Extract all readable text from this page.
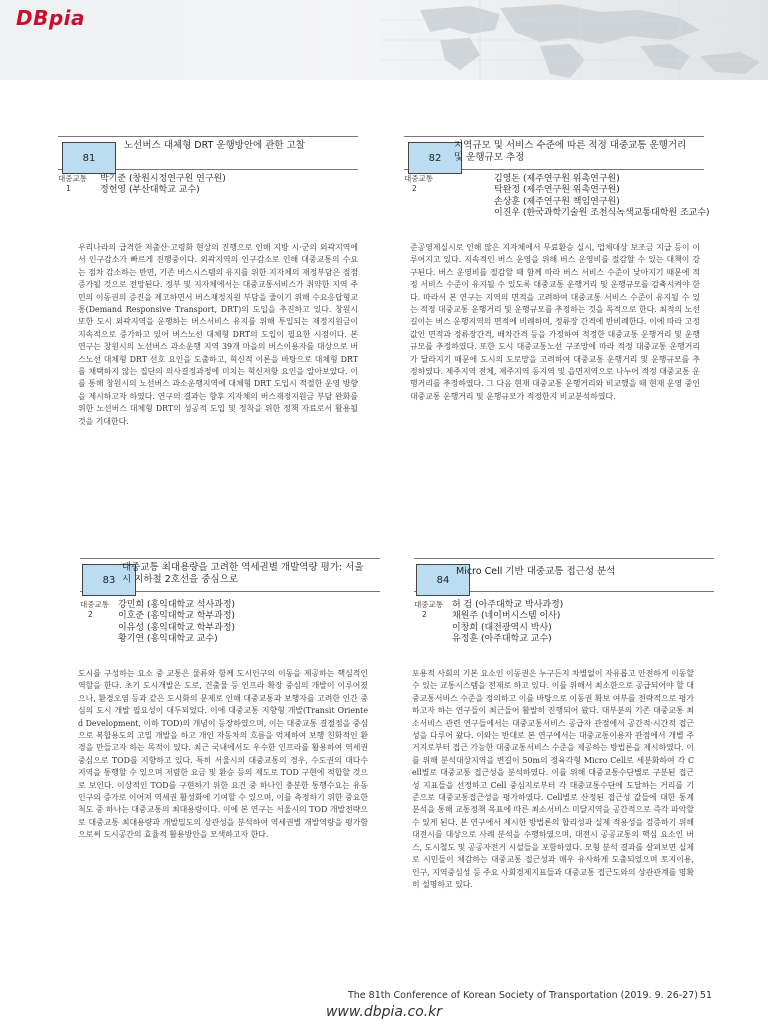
DBpia
81
노선버스 대체형 DRT 운행방안에 관한 고찰
대중교통
1
박기준 (창원시정연구원 연구원)
정헌영 (부산대학교 교수)
우리나라의 급격한 저출산·고령화 현상의 진행으로 인해 지방 시·군의 외곽지역에서 인구감소가 빠르게 진행중이다. 외곽지역의 인구감소로 인해 대중교통의 수요는 점차 감소하는 반면, 기존 버스시스템의 유지를 위한 지자체의 재정부담은 점점 증가될 것으로 전망된다. 정부 및 지자체에서는 대중교통서비스가 취약한 지역 주민의 이동권의 증진을 제고하면서 버스재정지원 부담을 줄이기 위해 수요응답형교통(Demand Responsive Transport, DRT)의 도입을 추진하고 있다. 창원시 또한 도시 외곽지역을 운행하는 버스서비스 유지를 위해 투입되는 재정지원금이 지속적으로 증가하고 있어 버스노선 대체형 DRT의 도입이 필요한 시점이다. 본 연구는 창원시의 노선버스 과소운행 지역 39개 마을의 버스이용자를 대상으로 버스노선 대체형 DRT 선호 요인을 도출하고, 혁신적 이론을 바탕으로 대체형 DRT를 채택하지 않는 집단의 의사결정과정에 미치는 혁신저항 요인을 알아보았다. 이를 통해 창원시의 노선버스 과소운행지역에 대체형 DRT 도입시 적절한 운영 방향을 제시하고자 하였다. 연구의 결과는 향후 지자체의 버스재정지원금 부담 완화를 위한 노선버스 대체형 DRT의 성공적 도입 및 정착을 위한 정책 자료로서 활용될 것을 기대한다.
82
지역규모 및 서비스 수준에 따른 적정 대중교통 운행거리 및 운행규모 추정
대중교통
2
김영돈 (제주연구원 위촉연구원)
탁완정 (제주연구원 위촉연구원)
손상훈 (제주연구원 책임연구원)
이진우 (한국과학기술원 조천식녹색교통대학원 조교수)
준공영제실시로 인해 많은 지자체에서 무료환승 실시, 업체대상 보조금 지급 등이 이루어지고 있다. 지속적인 버스 운영을 위해 버스 운영비를 절감할 수 있는 대책이 강구된다. 버스 운영비를 절감할 때 함께 따라 버스 서비스 수준이 낮아지기 때문에 적정 서비스 수준이 유지될 수 있도록 대중교통 운행거리 및 운행규모를 감축시켜야 한다. 따라서 본 연구는 지역의 면적을 고려하여 대중교통 서비스 수준이 유지될 수 있는 적정 대중교통 운행거리 및 운행규모를 추정하는 것을 목적으로 한다. 최적의 노선길이는 버스 운행지역의 면적에 비례하며, 정류장 간격에 반비례한다. 이에 따라 고정 값인 면적과 정류장간격, 배차간격 등을 가정하여 적정한 대중교통 운행거리 및 운행규모를 추정하였다. 또한 도시 대중교통노선 구조망에 따라 적정 대중교통 운행거리가 달라지기 때문에 도시의 도로망을 고려하여 대중교통 운행거리 및 운행규모를 추정하였다. 제주지역 전체, 제주지역 동지역 및 읍면지역으로 나누어 적정 대중교통 운행거리를 추정하였다. 그 다음 현재 대중교통 운행거리와 비교했을 때 현재 운영 중인 대중교통 운행거리 및 운행규모가 적정한지 비교분석하였다.
83
대중교통 최대용량을 고려한 역세권별 개발역량 평가: 서울시 지하철 2호선을 중심으로
대중교통
2
강민희 (홍익대학교 석사과정)
이호준 (홍익대학교 학부과정)
이유성 (홍익대학교 학부과정)
황기연 (홍익대학교 교수)
도시를 구성하는 요소 중 교통은 물류와 함께 도시인구의 이동을 제공하는 핵심적인 역할을 한다. 초기 도시개발은 도로, 건출물 등 인프라 확장 중심의 개발이 이루어졌으나, 환경오염 등과 같은 도시화의 문제로 인해 대중교통과 보행자를 고려한 인간 중심의 도시 개발 필요성이 대두되었다. 이에 대중교통 지향형 개발(Transit Oriented Development, 이하 TOD)의 개념이 등장하였으며, 이는 대중교통 결절점을 중심으로 복합용도의 고밀 개발을 하고 개인 자동차의 흐름을 억제하여 보행 친화적인 환경을 만들고자 하는 목적이 있다. 최근 국내에서도 우수한 인프라를 활용하여 역세권 중심으로 TOD를 지향하고 있다. 특히 서울시의 대중교통의 경우, 수도권의 대다수 지역을 통행할 수 있으며 저렴한 요금 및 환승 등의 제도로 TOD 구현에 적합할 것으로 보인다. 이상적인 TOD를 구현하기 위한 요건 중 하나인 충분한 통행수요는 유동인구의 증가로 이어져 역세권 활성화에 기여할 수 있으며, 이를 측정하기 위한 중요한 척도 중 하나는 대중교통의 최대용량이다. 이에 본 연구는 서울시의 TOD 개발전략으로 대중교통 최대용량과 개발밀도의 상관성을 분석하여 역세권별 개발역량을 평가함으로써 도시공간의 효율적 활용방안을 모색하고자 한다.
84
Micro Cell 기반 대중교통 접근성 분석
대중교통
2
허 검 (아주대학교 박사과정)
채원주 (네이버시스템 이사)
이창희 (대전광역시 박사)
유정훈 (아주대학교 교수)
포용적 사회의 기본 요소인 이동권은 누구든지 차별없이 자유롭고 안전하게 이동할 수 있는 교통시스템을 전제로 하고 있다. 이를 위해서 최소한으로 공급되어야 할 대중교통서비스 수준을 정의하고 이를 바탕으로 이동권 확보 여부를 전략적으로 평가하고자 하는 연구들이 최근들어 활발히 진행되어 왔다. 대부분의 기존 대중교통 최소서비스 관련 연구들에서는 대중교통서비스 공급자 관점에서 공간적·시간적 접근성을 다루어 왔다. 이와는 반대로 본 연구에서는 대중교통이용자 관점에서 개별 주거지로부터 접근 가능한 대중교통서비스 수준을 제공하는 방법론을 제시하였다. 이를 위해 분석대상지역을 변길이 50m의 정육각형 Micro Cell로 세분화하여 각 Cell별로 대중교통 접근성을 분석하였다. 이를 위해 대중교통수단별로 구분된 접근성 지표들을 선정하고 Cell 중심지로부터 각 대중교통수단에 도달하는 거리를 기준으로 대중교통접근성을 평가하였다. Cell별로 산정된 접근성 값들에 대한 통계 분석을 통해 교통정책 목표에 따른 최소서비스 미달지역을 공간적으로 즉각 파악할 수 있게 된다. 본 연구에서 제시한 방법론의 합리성과 실제 적용성을 검증하기 위해 대전시를 대상으로 사례 분석을 수행하였으며, 대전시 공공교통의 핵심 요소인 버스, 도시철도 및 공공자전거 시설들을 포함하였다. 모형 분석 결과를 살펴보면 실제로 시민들이 체감하는 대중교통 접근성과 매우 유사하게 도출되었으며 토지이용, 인구, 지역중심성 등 주요 사회경제지표들과 대중교통 접근도와의 상관관계를 명확히 설명하고 있다.
The 81th Conference of Korean Society of Transportation (2019. 9. 26-27) 51
www.dbpia.co.kr
